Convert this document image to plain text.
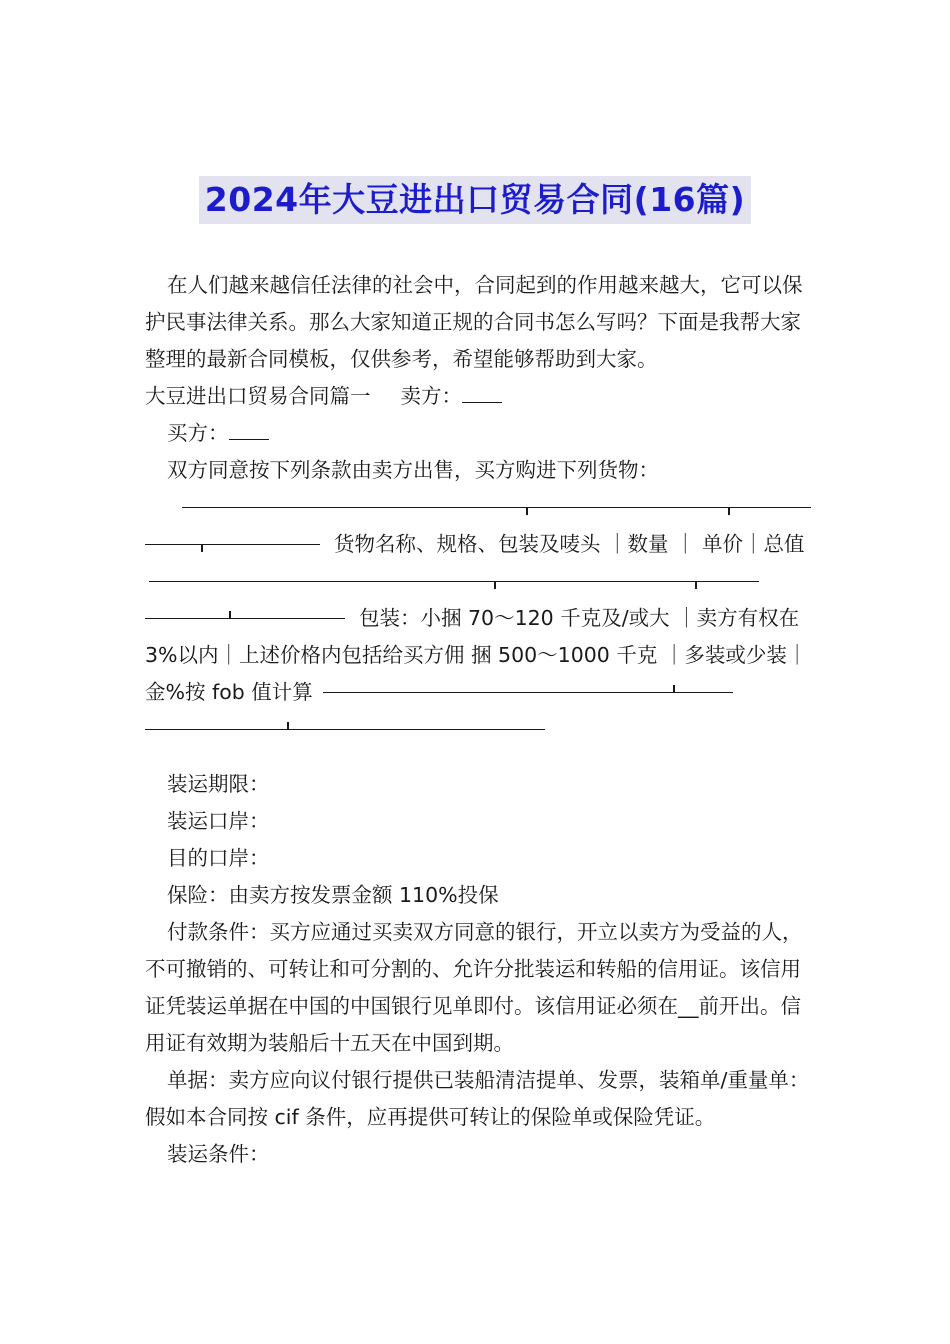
2024年大豆进出口贸易合同(16篇)

在人们越来越信任法律的社会中，合同起到的作用越来越大，它可以保护民事法律关系。那么大家知道正规的合同书怎么写吗？下面是我帮大家整理的最新合同模板，仅供参考，希望能够帮助到大家。

大豆进出口贸易合同篇一 卖方：

买方：

双方同意按下列条款由卖方出售，买方购进下列货物：

货物名称、规格、包装及唛头 ｜数量 ｜ 单价｜总值
包装：小捆 70～120 千克及/或大 ｜卖方有权在 3%以内｜上述价格内包括给买方佣 捆 500～1000 千克 ｜多装或少装｜金%按 fob 值计算

装运期限：

装运口岸：

目的口岸：

保险：由卖方按发票金额 110%投保

付款条件：买方应通过买卖双方同意的银行，开立以卖方为受益的人，不可撤销的、可转让和可分割的、允许分批装运和转船的信用证。该信用证凭装运单据在中国的中国银行见单即付。该信用证必须在__前开出。信用证有效期为装船后十五天在中国到期。

单据：卖方应向议付银行提供已装船清洁提单、发票，装箱单/重量单：假如本合同按 cif 条件，应再提供可转让的保险单或保险凭证。

装运条件：
